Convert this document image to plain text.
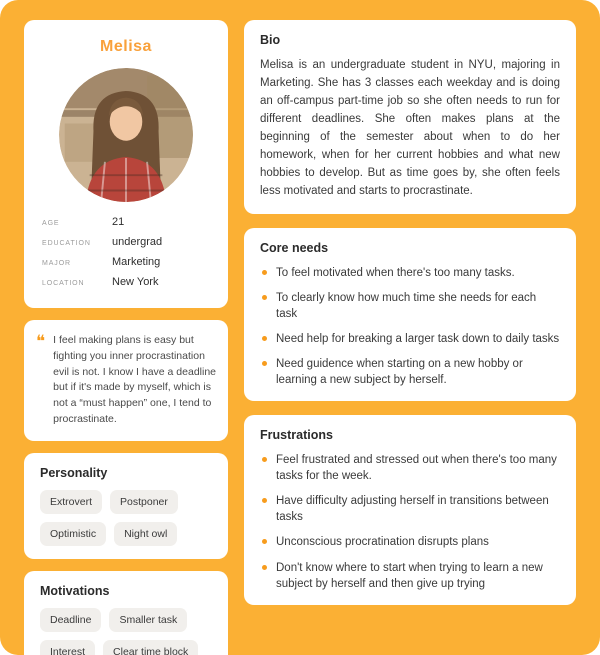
Melisa
AGE	21
EDUCATION	undergrad
MAJOR	Marketing
LOCATION	New York
❝

I feel making plans is easy but fighting you inner procrastination evil is not. I know I have a deadline but if it's made by myself, which is not a “must happen” one, I tend to procrastinate.

Personality
Extrovert	Postponer
Optimistic	Night owl
Motivations
Deadline	Smaller task
Interest	Clear time block
Bio

Melisa is an undergraduate student in NYU, majoring in Marketing. She has 3 classes each weekday and is doing an off-campus part-time job so she often needs to run for different deadlines. She often makes plans at the beginning of the semester about when to do her homework, when for her current hobbies and what new hobbies to develop. But as time goes by, she often feels less motivated and starts to procrastinate.

Core needs
To feel motivated when there's too many tasks.
To clearly know how much time she needs for each task
Need help for breaking a larger task down to daily tasks
Need guidence when starting on a new hobby or learning a new subject by herself.
Frustrations
Feel frustrated and stressed out when there's too many tasks for the week.
Have difficulty adjusting herself in transitions between tasks
Unconscious procratination disrupts plans
Don't know where to start when trying to learn a new subject by herself and then give up trying
